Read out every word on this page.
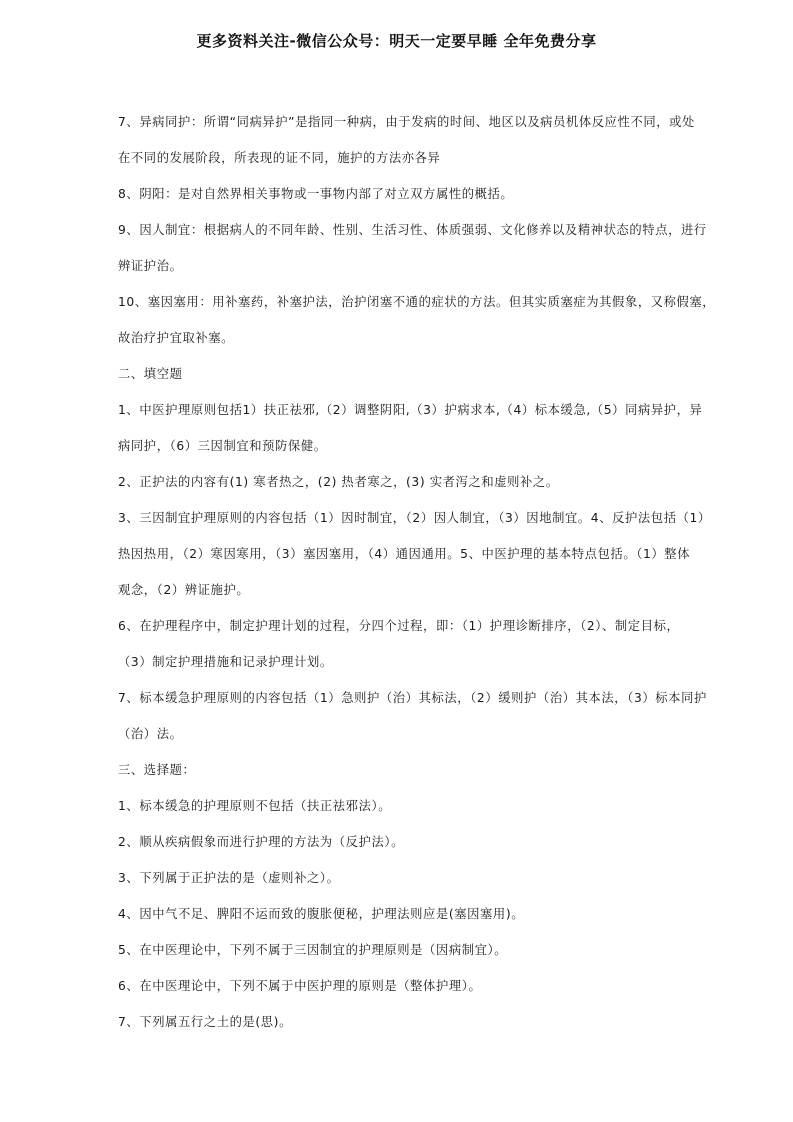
更多资料关注-微信公众号：明天一定要早睡 全年免费分享
7、异病同护：所谓“同病异护”是指同一种病，由于发病的时间、地区以及病员机体反应性不同，或处
在不同的发展阶段，所表现的证不同，施护的方法亦各异
8、阴阳：是对自然界相关事物或一事物内部了对立双方属性的概括。
9、因人制宜：根据病人的不同年龄、性别、生活习性、体质强弱、文化修养以及精神状态的特点，进行
辨证护治。
10、塞因塞用：用补塞药，补塞护法，治护闭塞不通的症状的方法。但其实质塞症为其假象，又称假塞，
故治疗护宜取补塞。
二、填空题
1、中医护理原则包括1）扶正祛邪,（2）调整阴阳,（3）护病求本,（4）标本缓急,（5）同病异护，异
病同护，（6）三因制宜和预防保健。
2、正护法的内容有(1) 寒者热之，(2) 热者寒之，(3) 实者泻之和虚则补之。
3、三因制宜护理原则的内容包括（1）因时制宜，（2）因人制宜，（3）因地制宜。4、反护法包括（1）
热因热用，（2）寒因寒用，（3）塞因塞用，（4）通因通用。5、中医护理的基本特点包括。（1）整体
观念，（2）辨证施护。
6、在护理程序中，制定护理计划的过程，分四个过程，即：（1）护理诊断排序，（2）、制定目标，
（3）制定护理措施和记录护理计划。
7、标本缓急护理原则的内容包括（1）急则护（治）其标法，（2）缓则护（治）其本法，（3）标本同护
（治）法。
三、选择题：
1、标本缓急的护理原则不包括（扶正祛邪法）。
2、顺从疾病假象而进行护理的方法为（反护法）。
3、下列属于正护法的是（虚则补之）。
4、因中气不足、脾阳不运而致的腹胀便秘，护理法则应是(塞因塞用)。
5、在中医理论中，下列不属于三因制宜的护理原则是（因病制宜）。
6、在中医理论中，下列不属于中医护理的原则是（整体护理）。
7、下列属五行之土的是(思)。
